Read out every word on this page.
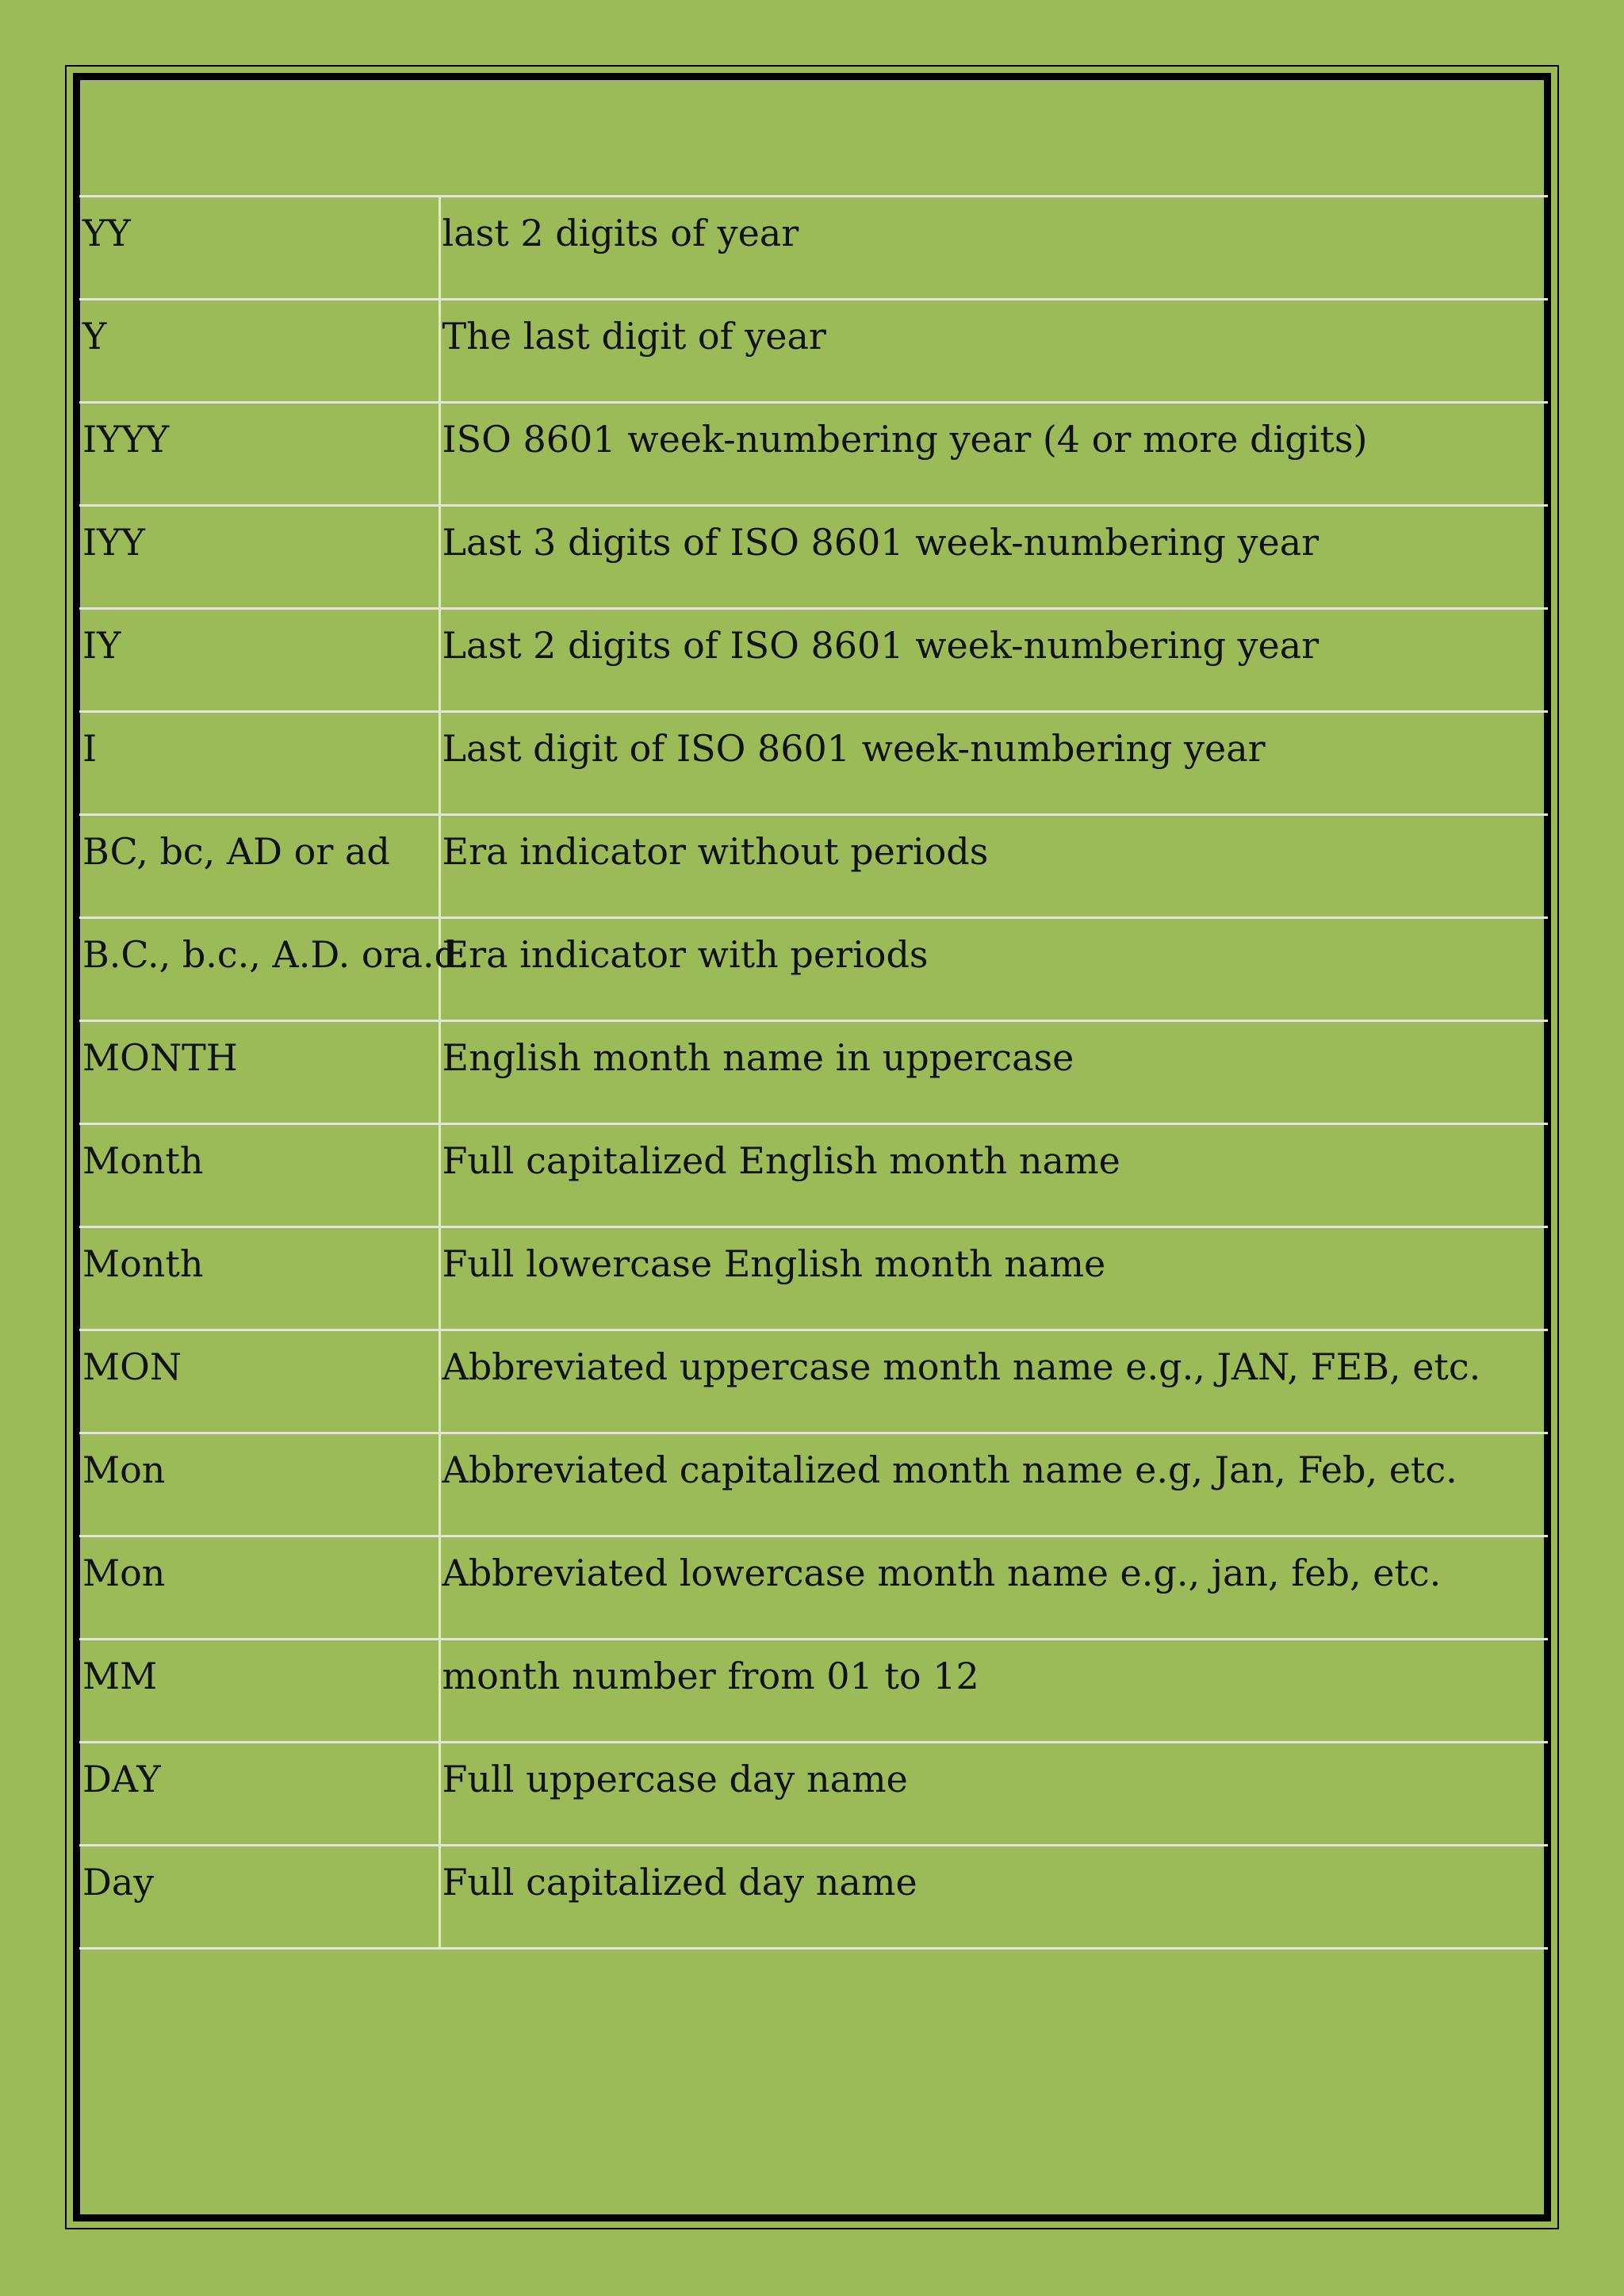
YY	last 2 digits of year
Y	The last digit of year
IYYY	ISO 8601 week-numbering year (4 or more digits)
IYY	Last 3 digits of ISO 8601 week-numbering year
IY	Last 2 digits of ISO 8601 week-numbering year
I	Last digit of ISO 8601 week-numbering year
BC, bc, AD or ad	Era indicator without periods
B.C., b.c., A.D. ora.d.	Era indicator with periods
MONTH	English month name in uppercase
Month	Full capitalized English month name
Month	Full lowercase English month name
MON	Abbreviated uppercase month name e.g., JAN, FEB, etc.
Mon	Abbreviated capitalized month name e.g, Jan, Feb, etc.
Mon	Abbreviated lowercase month name e.g., jan, feb, etc.
MM	month number from 01 to 12
DAY	Full uppercase day name
Day	Full capitalized day name
